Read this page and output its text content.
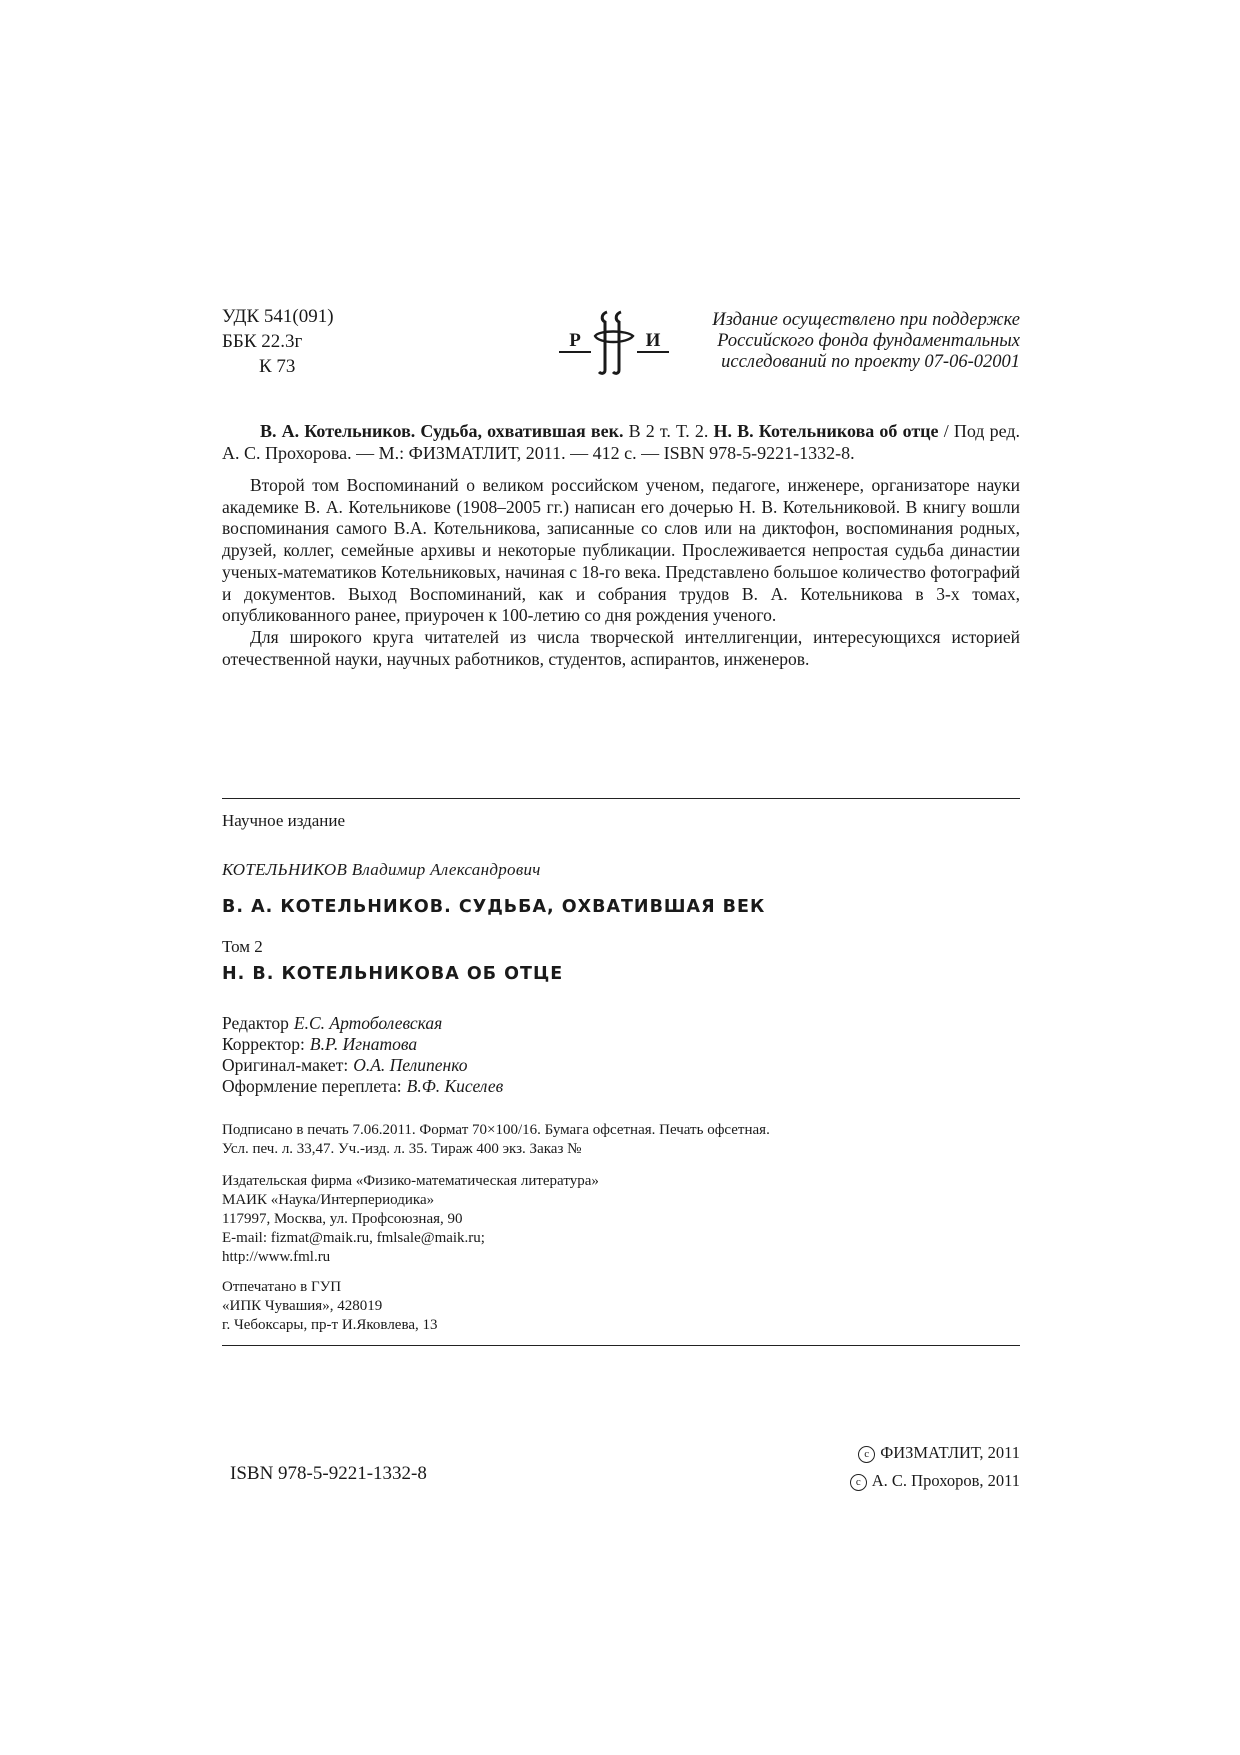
УДК 541(091)
ББК 22.3г
К 73
Р	И
Издание осуществлено при поддержке
Российского фонда фундаментальных
исследований по проекту 07-06-02001
В. А. Котельников. Судьба, охватившая век. В 2 т. Т. 2. Н. В. Котельникова об отце / Под ред. А. С. Прохорова. — М.: ФИЗМАТЛИТ, 2011. — 412 с. — ISBN 978-5-9221-1332-8.

Второй том Воспоминаний о великом российском ученом, педагоге, инженере, организаторе науки академике В. А. Котельникове (1908–2005 гг.) написан его дочерью Н. В. Котельниковой. В книгу вошли воспоминания самого В.А. Котельникова, записанные со слов или на диктофон, воспоминания родных, друзей, коллег, семейные архивы и некоторые публикации. Прослеживается непростая судьба династии ученых-математиков Котельниковых, начиная с 18-го века. Представлено большое количество фотографий и документов. Выход Воспоминаний, как и собрания трудов В. А. Котельникова в 3-х томах, опубликованного ранее, приурочен к 100-летию со дня рождения ученого.

Для широкого круга читателей из числа творческой интеллигенции, интересующихся историей отечественной науки, научных работников, студентов, аспирантов, инженеров.

Научное издание
КОТЕЛЬНИКОВ Владимир Александрович
В. А. КОТЕЛЬНИКОВ. СУДЬБА, ОХВАТИВШАЯ ВЕК
Том 2
Н. В. КОТЕЛЬНИКОВА ОБ ОТЦЕ
Редактор Е.С. Артоболевская
Корректор: В.Р. Игнатова
Оригинал-макет: О.А. Пелипенко
Оформление переплета: В.Ф. Киселев
Подписано в печать 7.06.2011. Формат 70×100/16. Бумага офсетная. Печать офсетная.
Усл. печ. л. 33,47. Уч.-изд. л. 35. Тираж 400 экз. Заказ №
Издательская фирма «Физико-математическая литература»
МАИК «Наука/Интерпериодика»
117997, Москва, ул. Профсоюзная, 90
E-mail: fizmat@maik.ru, fmlsale@maik.ru;
http://www.fml.ru
Отпечатано в ГУП
«ИПК Чувашия», 428019
г. Чебоксары, пр-т И.Яковлева, 13
ISBN 978-5-9221-1332-8
c ФИЗМАТЛИТ, 2011
c А. С. Прохоров, 2011
